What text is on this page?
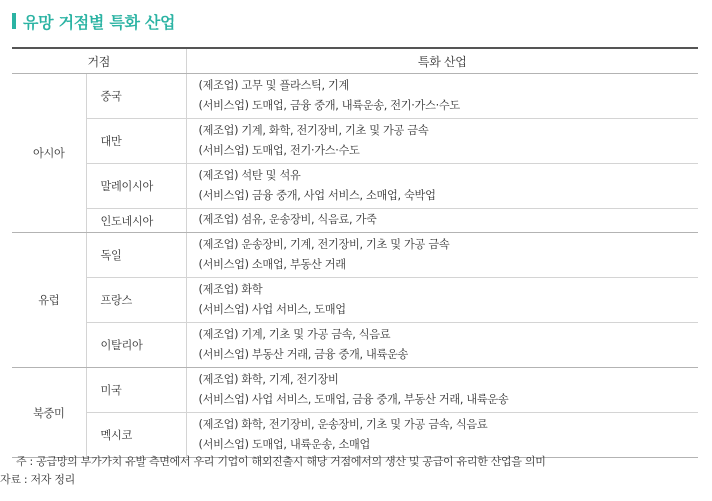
유망 거점별 특화 산업
거점		특화 산업
아시아	중국	(제조업) 고무 및 플라스틱, 기계
(서비스업) 도매업, 금융 중개, 내륙운송, 전기·가스·수도

	대만	(제조업) 기계, 화학, 전기장비, 기초 및 가공 금속
(서비스업) 도매업, 전기·가스·수도

	말레이시아	(제조업) 석탄 및 석유
(서비스업) 금융 중개, 사업 서비스, 소매업, 숙박업

	인도네시아	(제조업) 섬유, 운송장비, 식음료, 가죽

유럽	독일	(제조업) 운송장비, 기계, 전기장비, 기초 및 가공 금속
(서비스업) 소매업, 부동산 거래

	프랑스	(제조업) 화학
(서비스업) 사업 서비스, 도매업

	이탈리아	(제조업) 기계, 기초 및 가공 금속, 식음료
(서비스업) 부동산 거래, 금융 중개, 내륙운송

북중미	미국	(제조업) 화학, 기계, 전기장비
(서비스업) 사업 서비스, 도매업, 금융 중개, 부동산 거래, 내륙운송

	멕시코	(제조업) 화학, 전기장비, 운송장비, 기초 및 가공 금속, 식음료
(서비스업) 도매업, 내륙운송, 소매업
주 : 공급망의 부가가치 유발 측면에서 우리 기업이 해외진출시 해당 거점에서의 생산 및 공급이 유리한 산업을 의미
자료 : 저자 정리
